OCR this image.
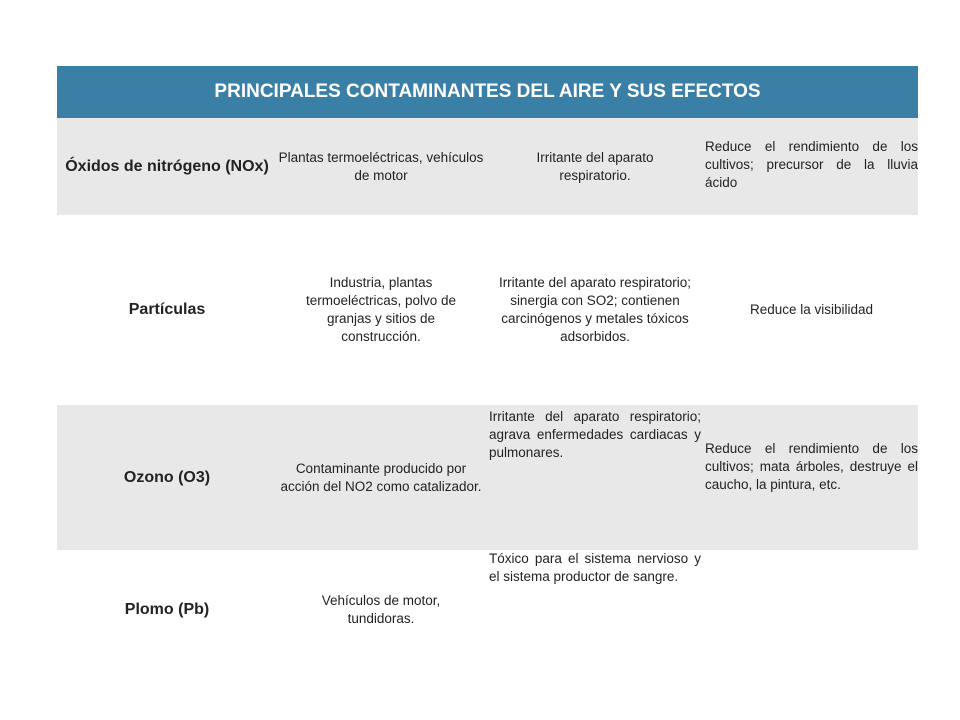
PRINCIPALES CONTAMINANTES DEL AIRE Y SUS EFECTOS
Óxidos de nitrógeno (NOx)
Plantas termoeléctricas, vehículos de motor
Irritante del aparato respiratorio.
Reduce el rendimiento de los cultivos; precursor de la lluvia ácido
Partículas
Industria, plantas termoeléctricas, polvo de granjas y sitios de construcción.
Irritante del aparato respiratorio; sinergia con SO2; contienen carcinógenos y metales tóxicos adsorbidos.
Reduce la visibilidad
Ozono (O3)
Contaminante producido por acción del NO2 como catalizador.
Irritante del aparato respiratorio; agrava enfermedades cardiacas y pulmonares.	Reduce el rendimiento de los cultivos; mata árboles, destruye el caucho, la pintura, etc.
Plomo (Pb)
Vehículos de motor, tundidoras.
Tóxico para el sistema nervioso y el sistema productor de sangre.
